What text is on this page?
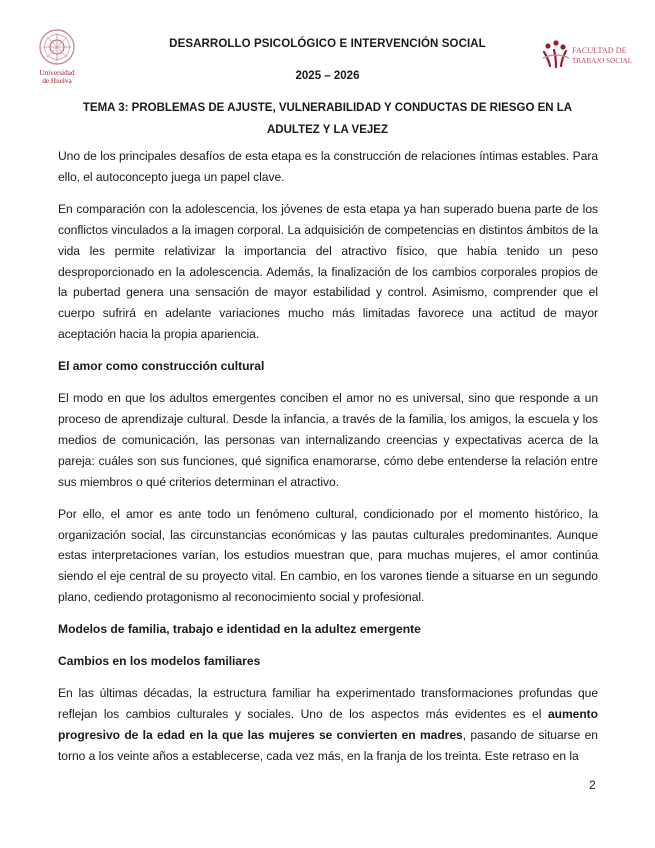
Universidad
de Huelva
DESARROLLO PSICOLÓGICO E INTERVENCIÓN SOCIAL
2025 – 2026
FACULTAD DE
TRABAJO SOCIAL
TEMA 3: PROBLEMAS DE AJUSTE, VULNERABILIDAD Y CONDUCTAS DE RIESGO EN LA ADULTEZ Y LA VEJEZ

Uno de los principales desafíos de esta etapa es la construcción de relaciones íntimas estables. Para ello, el autoconcepto juega un papel clave.

En comparación con la adolescencia, los jóvenes de esta etapa ya han superado buena parte de los conflictos vinculados a la imagen corporal. La adquisición de competencias en distintos ámbitos de la vida les permite relativizar la importancia del atractivo físico, que había tenido un peso desproporcionado en la adolescencia. Además, la finalización de los cambios corporales propios de la pubertad genera una sensación de mayor estabilidad y control. Asimismo, comprender que el cuerpo sufrirá en adelante variaciones mucho más limitadas favorece una actitud de mayor aceptación hacia la propia apariencia.

El amor como construcción cultural

El modo en que los adultos emergentes conciben el amor no es universal, sino que responde a un proceso de aprendizaje cultural. Desde la infancia, a través de la familia, los amigos, la escuela y los medios de comunicación, las personas van internalizando creencias y expectativas acerca de la pareja: cuáles son sus funciones, qué significa enamorarse, cómo debe entenderse la relación entre sus miembros o qué criterios determinan el atractivo.

Por ello, el amor es ante todo un fenómeno cultural, condicionado por el momento histórico, la organización social, las circunstancias económicas y las pautas culturales predominantes. Aunque estas interpretaciones varían, los estudios muestran que, para muchas mujeres, el amor continúa siendo el eje central de su proyecto vital. En cambio, en los varones tiende a situarse en un segundo plano, cediendo protagonismo al reconocimiento social y profesional.

Modelos de familia, trabajo e identidad en la adultez emergente

Cambios en los modelos familiares

En las últimas décadas, la estructura familiar ha experimentado transformaciones profundas que reflejan los cambios culturales y sociales. Uno de los aspectos más evidentes es el aumento progresivo de la edad en la que las mujeres se convierten en madres, pasando de situarse en torno a los veinte años a establecerse, cada vez más, en la franja de los treinta. Este retraso en la

2
